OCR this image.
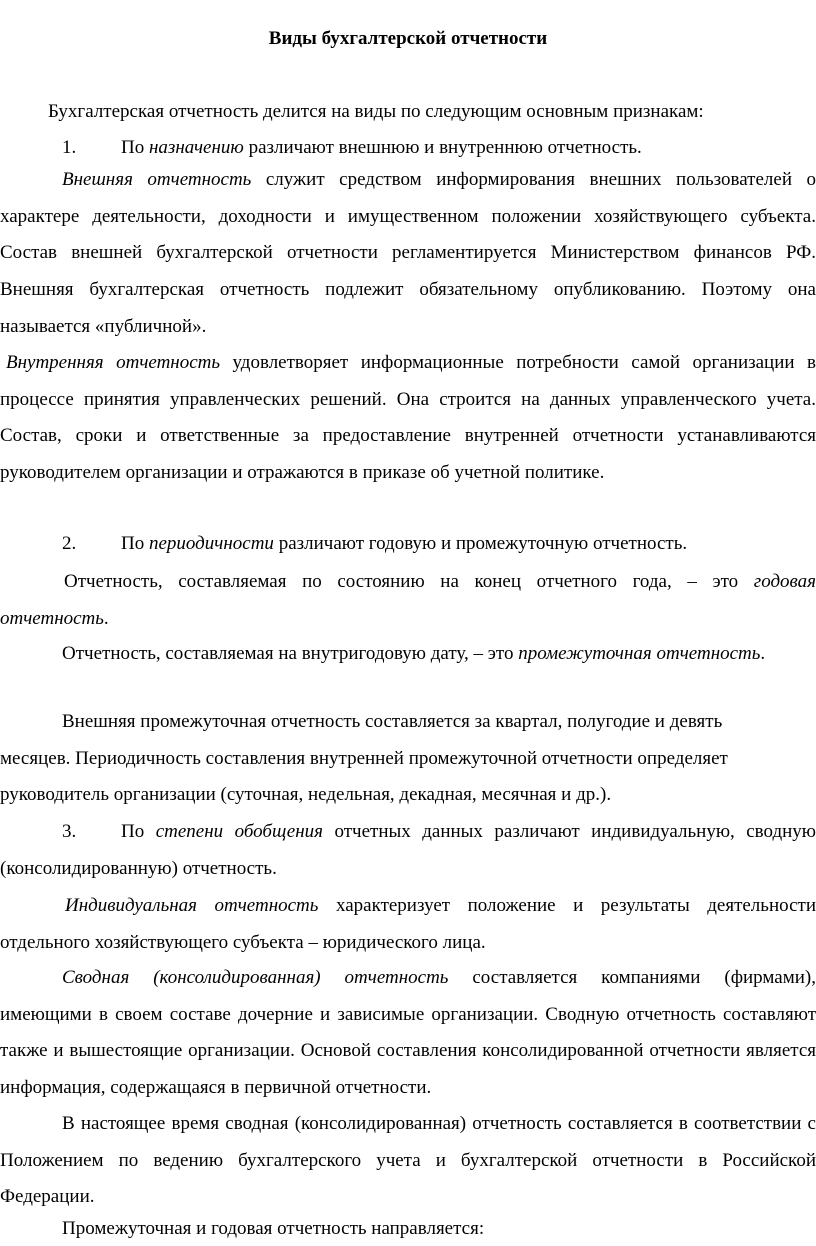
Виды бухгалтерской отчетности
Бухгалтерская отчетность делится на виды по следующим основным признакам:
1. По назначению различают внешнюю и внутреннюю отчетность.

Внешняя отчетность служит средством информирования внешних пользователей о характере деятельности, доходности и имущественном положении хозяйствующего субъекта. Состав внешней бухгалтерской отчетности регламентируется Министерством финансов РФ. Внешняя бухгалтерская отчетность подлежит обязательному опубликованию. Поэтому она называется «публичной».

Внутренняя отчетность удовлетворяет информационные потребности самой организации в процессе принятия управленческих решений. Она строится на данных управленческого учета. Состав, сроки и ответственные за предоставление внутренней отчетности устанавливаются руководителем организации и отражаются в приказе об учетной политике.

2. По периодичности различают годовую и промежуточную отчетность.

Отчетность, составляемая по состоянию на конец отчетного года, – это годовая отчетность.

Отчетность, составляемая на внутригодовую дату, – это промежуточная отчетность.

Внешняя промежуточная отчетность составляется за квартал, полугодие и девять
месяцев. Периодичность составления внутренней промежуточной отчетности определяет
руководитель организации (суточная, недельная, декадная, месячная и др.).

3. По степени обобщения отчетных данных различают индивидуальную, сводную (консолидированную) отчетность.

Индивидуальная отчетность характеризует положение и результаты деятельности отдельного хозяйствующего субъекта – юридического лица.

Сводная (консолидированная) отчетность составляется компаниями (фирмами), имеющими в своем составе дочерние и зависимые организации. Сводную отчетность составляют также и вышестоящие организации. Основой составления консолидированной отчетности является информация, содержащаяся в первичной отчетности.

В настоящее время сводная (консолидированная) отчетность составляется в соответствии с Положением по ведению бухгалтерского учета и бухгалтерской отчетности в Российской Федерации.

Промежуточная и годовая отчетность направляется:
